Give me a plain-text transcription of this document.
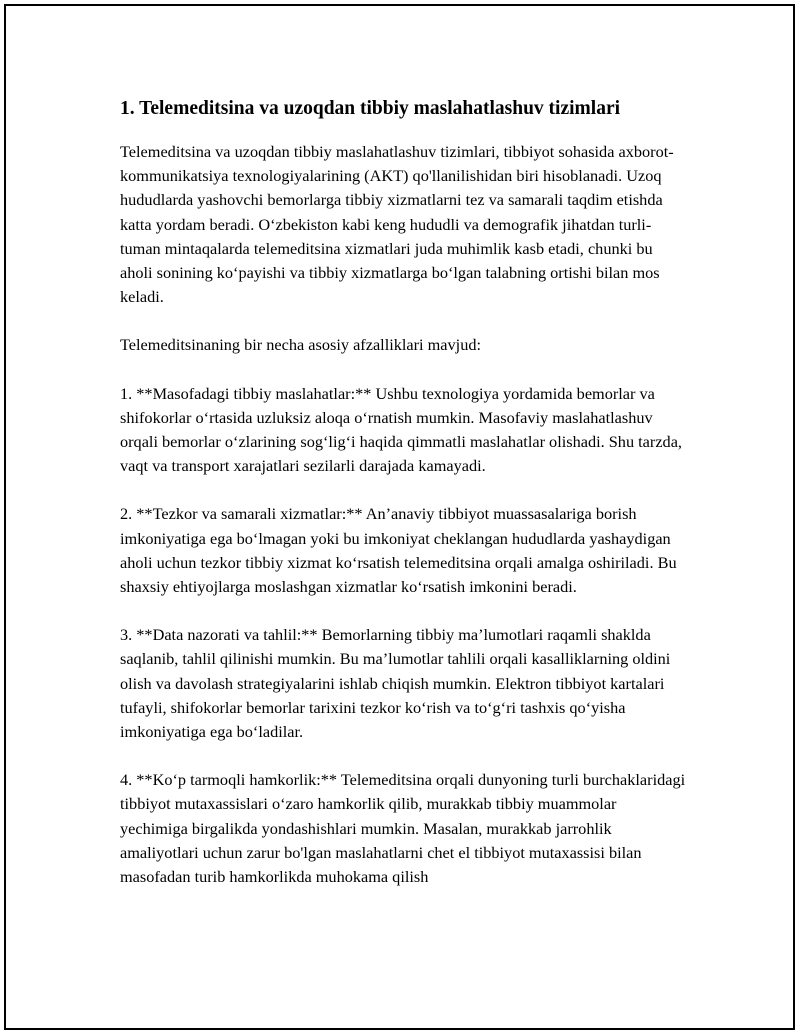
1. Telemeditsina va uzoqdan tibbiy maslahatlashuv tizimlari

Telemeditsina va uzoqdan tibbiy maslahatlashuv tizimlari, tibbiyot sohasida axborot-kommunikatsiya texnologiyalarining (AKT) qo'llanilishidan biri hisoblanadi. Uzoq hududlarda yashovchi bemorlarga tibbiy xizmatlarni tez va samarali taqdim etishda katta yordam beradi. O‘zbekiston kabi keng hududli va demografik jihatdan turli-tuman mintaqalarda telemeditsina xizmatlari juda muhimlik kasb etadi, chunki bu aholi sonining ko‘payishi va tibbiy xizmatlarga bo‘lgan talabning ortishi bilan mos keladi.

Telemeditsinaning bir necha asosiy afzalliklari mavjud:

1. **Masofadagi tibbiy maslahatlar:** Ushbu texnologiya yordamida bemorlar va shifokorlar o‘rtasida uzluksiz aloqa o‘rnatish mumkin. Masofaviy maslahatlashuv orqali bemorlar o‘zlarining sog‘lig‘i haqida qimmatli maslahatlar olishadi. Shu tarzda, vaqt va transport xarajatlari sezilarli darajada kamayadi.

2. **Tezkor va samarali xizmatlar:** An’anaviy tibbiyot muassasalariga borish imkoniyatiga ega bo‘lmagan yoki bu imkoniyat cheklangan hududlarda yashaydigan aholi uchun tezkor tibbiy xizmat ko‘rsatish telemeditsina orqali amalga oshiriladi. Bu shaxsiy ehtiyojlarga moslashgan xizmatlar ko‘rsatish imkonini beradi.

3. **Data nazorati va tahlil:** Bemorlarning tibbiy ma’lumotlari raqamli shaklda saqlanib, tahlil qilinishi mumkin. Bu ma’lumotlar tahlili orqali kasalliklarning oldini olish va davolash strategiyalarini ishlab chiqish mumkin. Elektron tibbiyot kartalari tufayli, shifokorlar bemorlar tarixini tezkor ko‘rish va to‘g‘ri tashxis qo‘yisha imkoniyatiga ega bo‘ladilar.

4. **Ko‘p tarmoqli hamkorlik:** Telemeditsina orqali dunyoning turli burchaklaridagi tibbiyot mutaxassislari o‘zaro hamkorlik qilib, murakkab tibbiy muammolar yechimiga birgalikda yondashishlari mumkin. Masalan, murakkab jarrohlik amaliyotlari uchun zarur bo'lgan maslahatlarni chet el tibbiyot mutaxassisi bilan masofadan turib hamkorlikda muhokama qilish
